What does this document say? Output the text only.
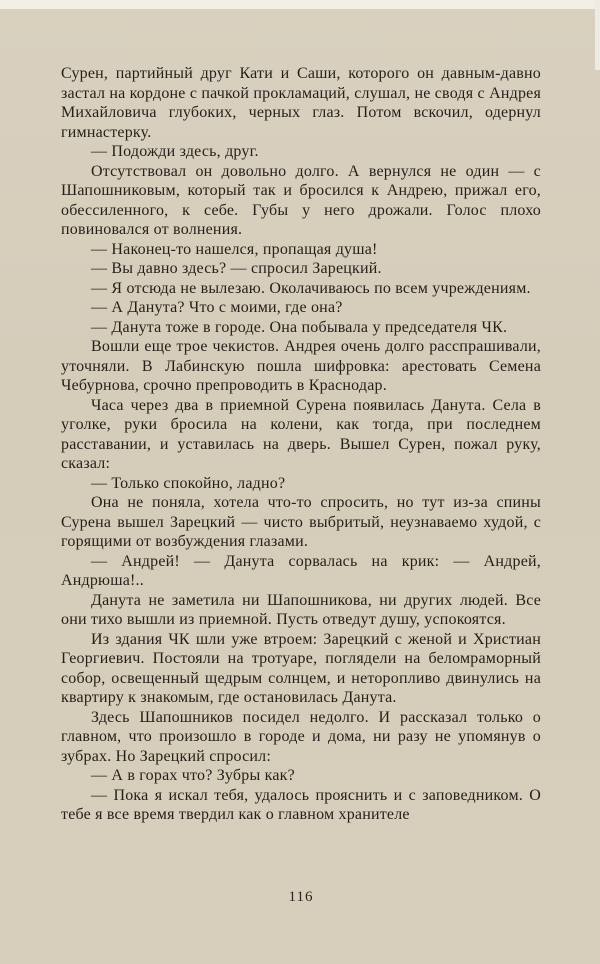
Сурен, партийный друг Кати и Саши, которого он давным-давно застал на кордоне с пачкой прокламаций, слушал, не сводя с Андрея Михайловича глубоких, черных глаз. Потом вскочил, одернул гимнастерку.

— Подожди здесь, друг.

Отсутствовал он довольно долго. А вернулся не один — с Шапошниковым, который так и бросился к Андрею, прижал его, обессиленного, к себе. Губы у него дрожали. Голос плохо повиновался от волнения.

— Наконец-то нашелся, пропащая душа!

— Вы давно здесь? — спросил Зарецкий.

— Я отсюда не вылезаю. Околачиваюсь по всем учреждениям.

— А Данута? Что с моими, где она?

— Данута тоже в городе. Она побывала у председателя ЧК.

Вошли еще трое чекистов. Андрея очень долго расспрашивали, уточняли. В Лабинскую пошла шифровка: арестовать Семена Чебурнова, срочно препроводить в Краснодар.

Часа через два в приемной Сурена появилась Данута. Села в уголке, руки бросила на колени, как тогда, при последнем расставании, и уставилась на дверь. Вышел Сурен, пожал руку, сказал:

— Только спокойно, ладно?

Она не поняла, хотела что-то спросить, но тут из-за спины Сурена вышел Зарецкий — чисто выбритый, неузнаваемо худой, с горящими от возбуждения глазами.

— Андрей! — Данута сорвалась на крик: — Андрей, Андрюша!..

Данута не заметила ни Шапошникова, ни других людей. Все они тихо вышли из приемной. Пусть отведут душу, успокоятся.

Из здания ЧК шли уже втроем: Зарецкий с женой и Христиан Георгиевич. Постояли на тротуаре, поглядели на беломраморный собор, освещенный щедрым солнцем, и неторопливо двинулись на квартиру к знакомым, где остановилась Данута.

Здесь Шапошников посидел недолго. И рассказал только о главном, что произошло в городе и дома, ни разу не упомянув о зубрах. Но Зарецкий спросил:

— А в горах что? Зубры как?

— Пока я искал тебя, удалось прояснить и с заповедником. О тебе я все время твердил как о главном хранителе

116
